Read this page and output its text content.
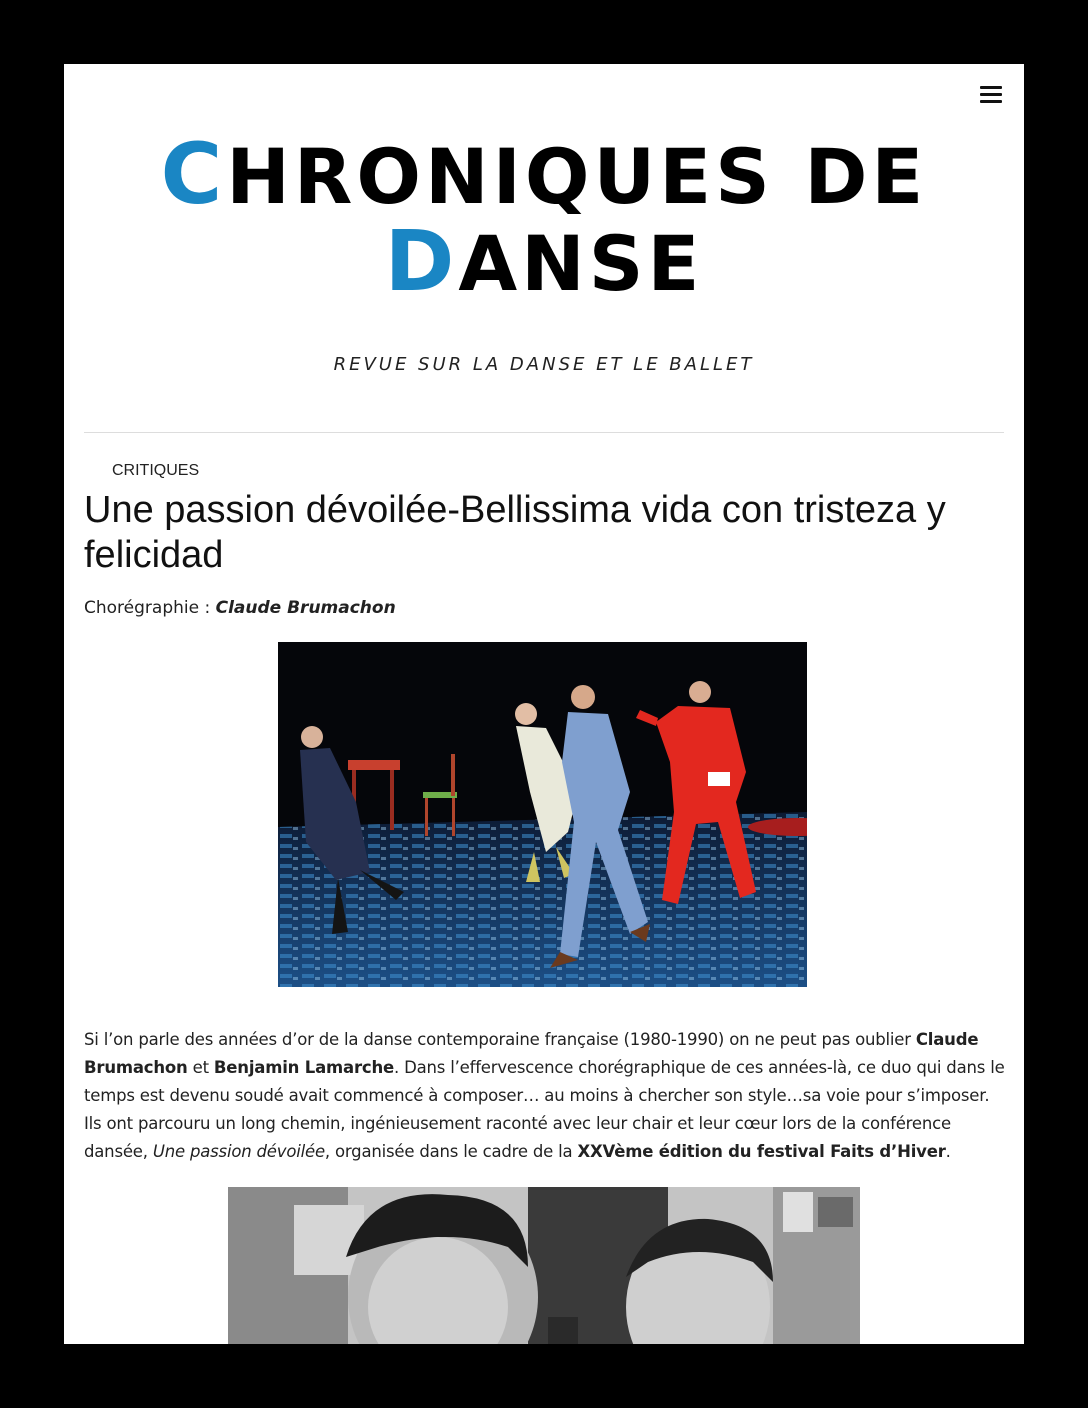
CHRONIQUES DE
DANSE
REVUE SUR LA DANSE ET LE BALLET
CRITIQUES
Une passion dévoilée-Bellissima vida con tristeza y felicidad
Chorégraphie : Claude Brumachon

Si l’on parle des années d’or de la danse contemporaine française (1980-1990) on ne peut pas oublier Claude Brumachon et Benjamin Lamarche. Dans l’effervescence chorégraphique de ces années-là, ce duo qui dans le temps est devenu soudé avait commencé à composer… au moins à chercher son style…sa voie pour s’imposer. Ils ont parcouru un long chemin, ingénieusement raconté avec leur chair et leur cœur lors de la conférence dansée, Une passion dévoilée, organisée dans le cadre de la XXVème édition du festival Faits d’Hiver.
